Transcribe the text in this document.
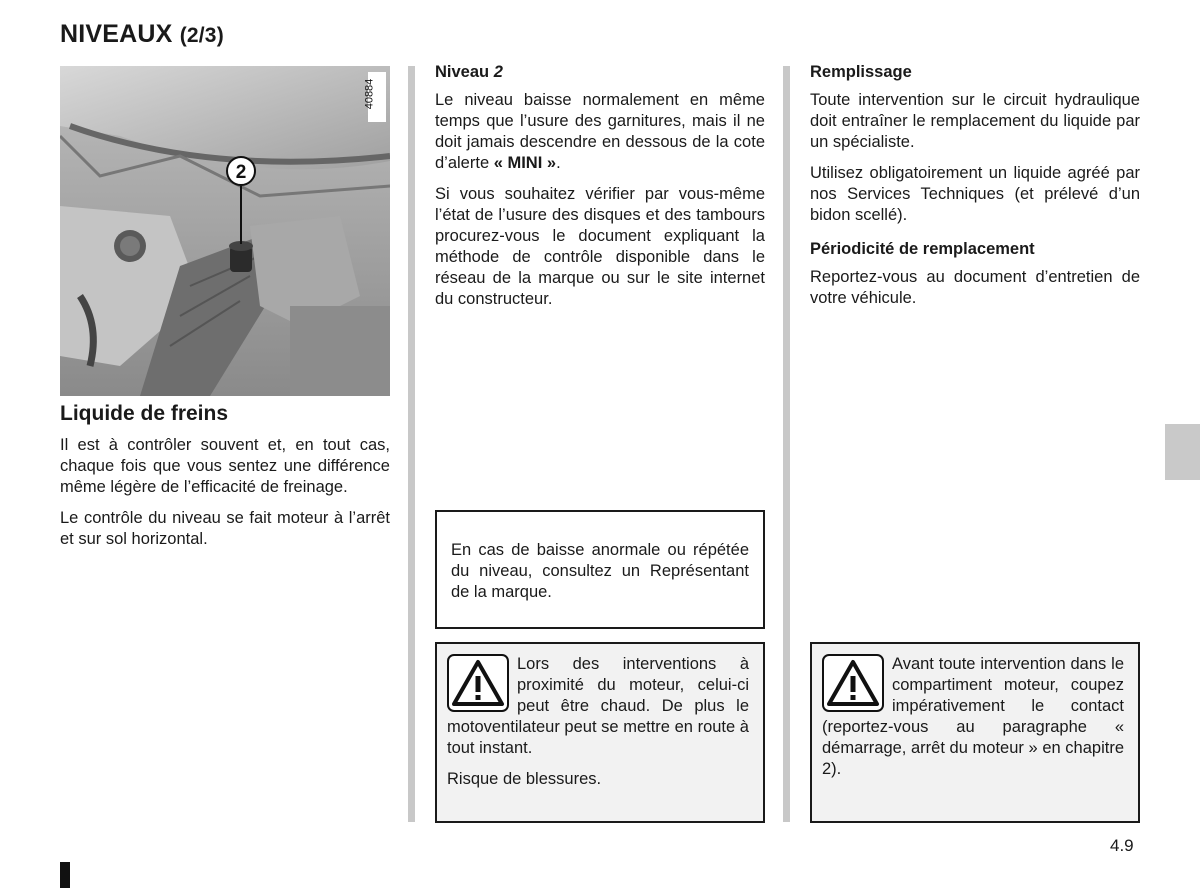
NIVEAUX (2/3)
2
40884
Liquide de freins

Il est à contrôler souvent et, en tout cas, chaque fois que vous sentez une différence même légère de l’efficacité de freinage.

Le contrôle du niveau se fait moteur à l’arrêt et sur sol horizontal.

Niveau 2

Le niveau baisse normalement en même temps que l’usure des garnitures, mais il ne doit jamais descendre en dessous de la cote d’alerte « MINI ».

Si vous souhaitez vérifier par vous-même l’état de l’usure des disques et des tambours procurez-vous le document expliquant la méthode de contrôle disponible dans le réseau de la marque ou sur le site internet du constructeur.

En cas de baisse anormale ou répétée du niveau, consultez un Représentant de la marque.

Lors des interventions à proximité du moteur, celui-ci peut être chaud. De plus le motoventilateur peut se mettre en route à tout instant.

Risque de blessures.

Remplissage

Toute intervention sur le circuit hydraulique doit entraîner le remplacement du liquide par un spécialiste.

Utilisez obligatoirement un liquide agréé par nos Services Techniques (et prélevé d’un bidon scellé).

Périodicité de remplacement

Reportez-vous au document d’entretien de votre véhicule.

Avant toute intervention dans le compartiment moteur, coupez impérativement le contact (reportez-vous au paragraphe « démarrage, arrêt du moteur » en chapitre 2).

4.9
